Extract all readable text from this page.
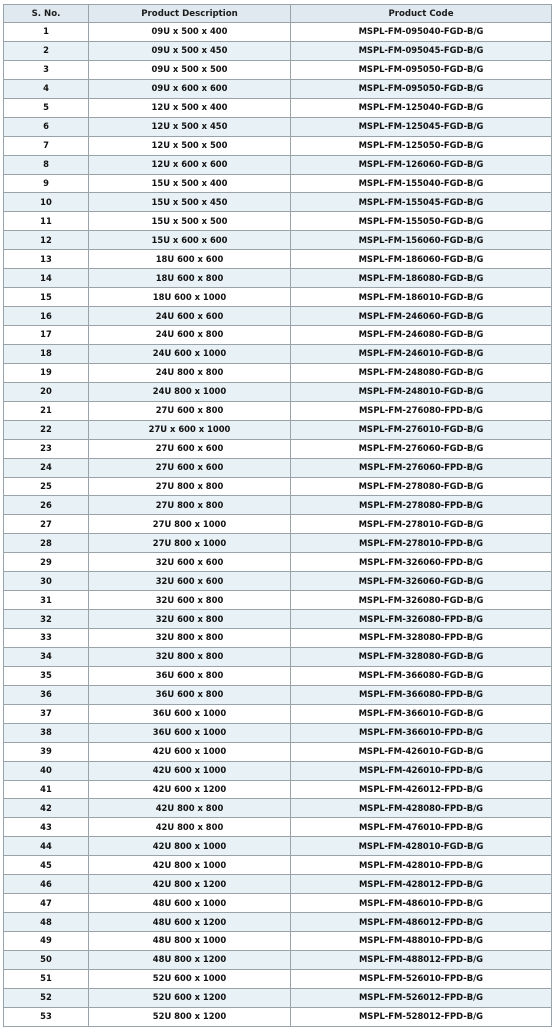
S. No.	Product Description	Product Code
1	09U x 500 x 400	MSPL-FM-095040-FGD-B/G
2	09U x 500 x 450	MSPL-FM-095045-FGD-B/G
3	09U x 500 x 500	MSPL-FM-095050-FGD-B/G
4	09U x 600 x 600	MSPL-FM-095050-FGD-B/G
5	12U x 500 x 400	MSPL-FM-125040-FGD-B/G
6	12U x 500 x 450	MSPL-FM-125045-FGD-B/G
7	12U x 500 x 500	MSPL-FM-125050-FGD-B/G
8	12U x 600 x 600	MSPL-FM-126060-FGD-B/G
9	15U x 500 x 400	MSPL-FM-155040-FGD-B/G
10	15U x 500 x 450	MSPL-FM-155045-FGD-B/G
11	15U x 500 x 500	MSPL-FM-155050-FGD-B/G
12	15U x 600 x 600	MSPL-FM-156060-FGD-B/G
13	18U 600 x 600	MSPL-FM-186060-FGD-B/G
14	18U 600 x 800	MSPL-FM-186080-FGD-B/G
15	18U 600 x 1000	MSPL-FM-186010-FGD-B/G
16	24U 600 x 600	MSPL-FM-246060-FGD-B/G
17	24U 600 x 800	MSPL-FM-246080-FGD-B/G
18	24U 600 x 1000	MSPL-FM-246010-FGD-B/G
19	24U 800 x 800	MSPL-FM-248080-FGD-B/G
20	24U 800 x 1000	MSPL-FM-248010-FGD-B/G
21	27U 600 x 800	MSPL-FM-276080-FPD-B/G
22	27U x 600 x 1000	MSPL-FM-276010-FGD-B/G
23	27U 600 x 600	MSPL-FM-276060-FGD-B/G
24	27U 600 x 600	MSPL-FM-276060-FPD-B/G
25	27U 800 x 800	MSPL-FM-278080-FGD-B/G
26	27U 800 x 800	MSPL-FM-278080-FPD-B/G
27	27U 800 x 1000	MSPL-FM-278010-FGD-B/G
28	27U 800 x 1000	MSPL-FM-278010-FPD-B/G
29	32U 600 x 600	MSPL-FM-326060-FPD-B/G
30	32U 600 x 600	MSPL-FM-326060-FGD-B/G
31	32U 600 x 800	MSPL-FM-326080-FGD-B/G
32	32U 600 x 800	MSPL-FM-326080-FPD-B/G
33	32U 800 x 800	MSPL-FM-328080-FPD-B/G
34	32U 800 x 800	MSPL-FM-328080-FGD-B/G
35	36U 600 x 800	MSPL-FM-366080-FGD-B/G
36	36U 600 x 800	MSPL-FM-366080-FPD-B/G
37	36U 600 x 1000	MSPL-FM-366010-FGD-B/G
38	36U 600 x 1000	MSPL-FM-366010-FPD-B/G
39	42U 600 x 1000	MSPL-FM-426010-FGD-B/G
40	42U 600 x 1000	MSPL-FM-426010-FPD-B/G
41	42U 600 x 1200	MSPL-FM-426012-FPD-B/G
42	42U 800 x 800	MSPL-FM-428080-FPD-B/G
43	42U 800 x 800	MSPL-FM-476010-FPD-B/G
44	42U 800 x 1000	MSPL-FM-428010-FGD-B/G
45	42U 800 x 1000	MSPL-FM-428010-FPD-B/G
46	42U 800 x 1200	MSPL-FM-428012-FPD-B/G
47	48U 600 x 1000	MSPL-FM-486010-FPD-B/G
48	48U 600 x 1200	MSPL-FM-486012-FPD-B/G
49	48U 800 x 1000	MSPL-FM-488010-FPD-B/G
50	48U 800 x 1200	MSPL-FM-488012-FPD-B/G
51	52U 600 x 1000	MSPL-FM-526010-FPD-B/G
52	52U 600 x 1200	MSPL-FM-526012-FPD-B/G
53	52U 800 x 1200	MSPL-FM-528012-FPD-B/G
